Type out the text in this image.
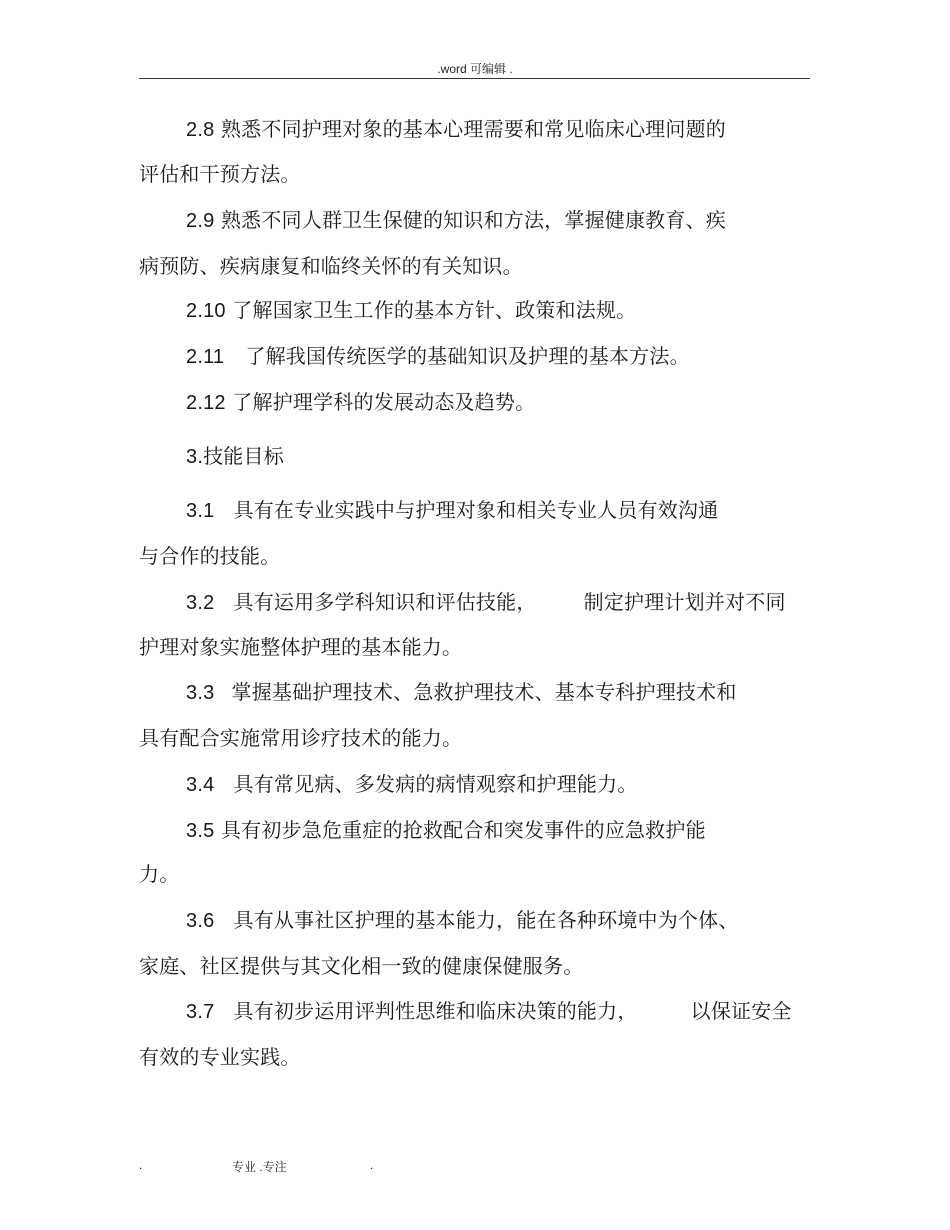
.word 可编辑 .
2.8 熟悉不同护理对象的基本心理需要和常见临床心理问题的
评估和干预方法。
2.9 熟悉不同人群卫生保健的知识和方法，掌握健康教育、疾
病预防、疾病康复和临终关怀的有关知识。
2.10 了解国家卫生工作的基本方针、政策和法规。
2.11 了解我国传统医学的基础知识及护理的基本方法。
2.12 了解护理学科的发展动态及趋势。
3.技能目标
3.1 具有在专业实践中与护理对象和相关专业人员有效沟通
与合作的技能。
3.2 具有运用多学科知识和评估技能， 制定护理计划并对不同
护理对象实施整体护理的基本能力。
3.3 掌握基础护理技术、急救护理技术、基本专科护理技术和
具有配合实施常用诊疗技术的能力。
3.4 具有常见病、多发病的病情观察和护理能力。
3.5 具有初步急危重症的抢救配合和突发事件的应急救护能
力。
3.6 具有从事社区护理的基本能力，能在各种环境中为个体、
家庭、社区提供与其文化相一致的健康保健服务。
3.7 具有初步运用评判性思维和临床决策的能力，	以保证安全
有效的专业实践。
.	专业 .专注	.
